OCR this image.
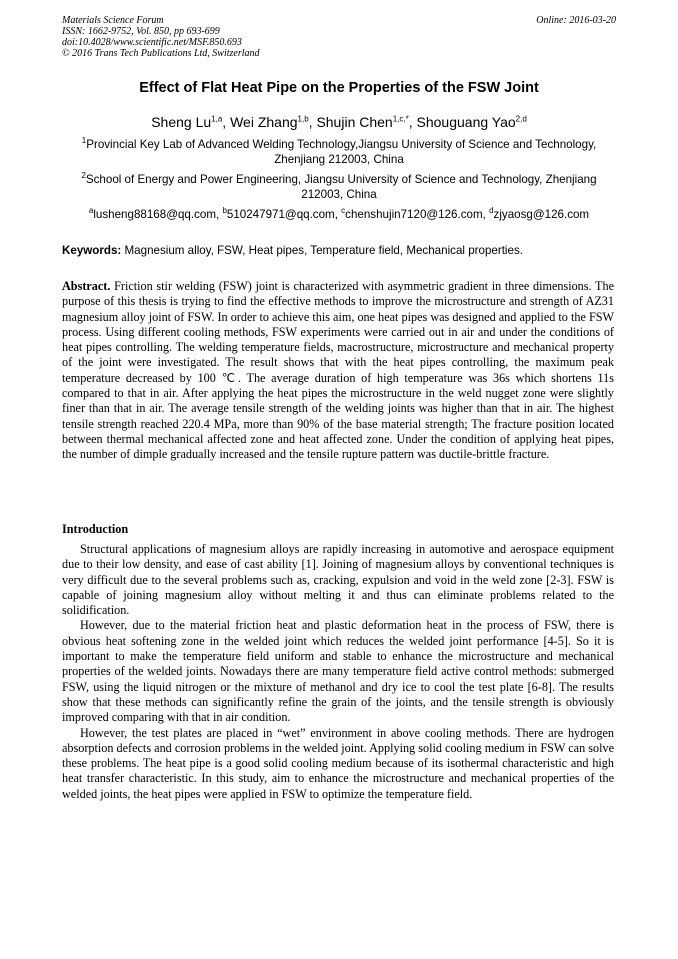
Materials Science Forum
ISSN: 1662-9752, Vol. 850, pp 693-699
doi:10.4028/www.scientific.net/MSF.850.693
© 2016 Trans Tech Publications Ltd, Switzerland
Online: 2016-03-20
Effect of Flat Heat Pipe on the Properties of the FSW Joint
Sheng Lu$^{1,a}$, Wei Zhang$^{1,b}$, Shujin Chen$^{1,c,*}$, Shouguang Yao$^{2,d}$
$^1$Provincial Key Lab of Advanced Welding Technology,Jiangsu University of Science and Technology, Zhenjiang 212003, China
$^2$School of Energy and Power Engineering, Jiangsu University of Science and Technology, Zhenjiang 212003, China
$^a$lusheng88168@qq.com, $^b$510247971@qq.com, $^c$chenshujin7120@126.com, $^d$zjyaosg@126.com
Keywords: Magnesium alloy, FSW, Heat pipes, Temperature field, Mechanical properties.
Abstract. Friction stir welding (FSW) joint is characterized with asymmetric gradient in three dimensions. The purpose of this thesis is trying to find the effective methods to improve the microstructure and strength of AZ31 magnesium alloy joint of FSW. In order to achieve this aim, one heat pipes was designed and applied to the FSW process. Using different cooling methods, FSW experiments were carried out in air and under the conditions of heat pipes controlling. The welding temperature fields, macrostructure, microstructure and mechanical property of the joint were investigated. The result shows that with the heat pipes controlling, the maximum peak temperature decreased by 100 ℃. The average duration of high temperature was 36s which shortens 11s compared to that in air. After applying the heat pipes the microstructure in the weld nugget zone were slightly finer than that in air. The average tensile strength of the welding joints was higher than that in air. The highest tensile strength reached 220.4 MPa, more than 90% of the base material strength; The fracture position located between thermal mechanical affected zone and heat affected zone. Under the condition of applying heat pipes, the number of dimple gradually increased and the tensile rupture pattern was ductile-brittle fracture.
Introduction

Structural applications of magnesium alloys are rapidly increasing in automotive and aerospace equipment due to their low density, and ease of cast ability [1]. Joining of magnesium alloys by conventional techniques is very difficult due to the several problems such as, cracking, expulsion and void in the weld zone [2-3]. FSW is capable of joining magnesium alloy without melting it and thus can eliminate problems related to the solidification.

However, due to the material friction heat and plastic deformation heat in the process of FSW, there is obvious heat softening zone in the welded joint which reduces the welded joint performance [4-5]. So it is important to make the temperature field uniform and stable to enhance the microstructure and mechanical properties of the welded joints. Nowadays there are many temperature field active control methods: submerged FSW, using the liquid nitrogen or the mixture of methanol and dry ice to cool the test plate [6-8]. The results show that these methods can significantly refine the grain of the joints, and the tensile strength is obviously improved comparing with that in air condition.

However, the test plates are placed in “wet” environment in above cooling methods. There are hydrogen absorption defects and corrosion problems in the welded joint. Applying solid cooling medium in FSW can solve these problems. The heat pipe is a good solid cooling medium because of its isothermal characteristic and high heat transfer characteristic. In this study, aim to enhance the microstructure and mechanical properties of the welded joints, the heat pipes were applied in FSW to optimize the temperature field.
